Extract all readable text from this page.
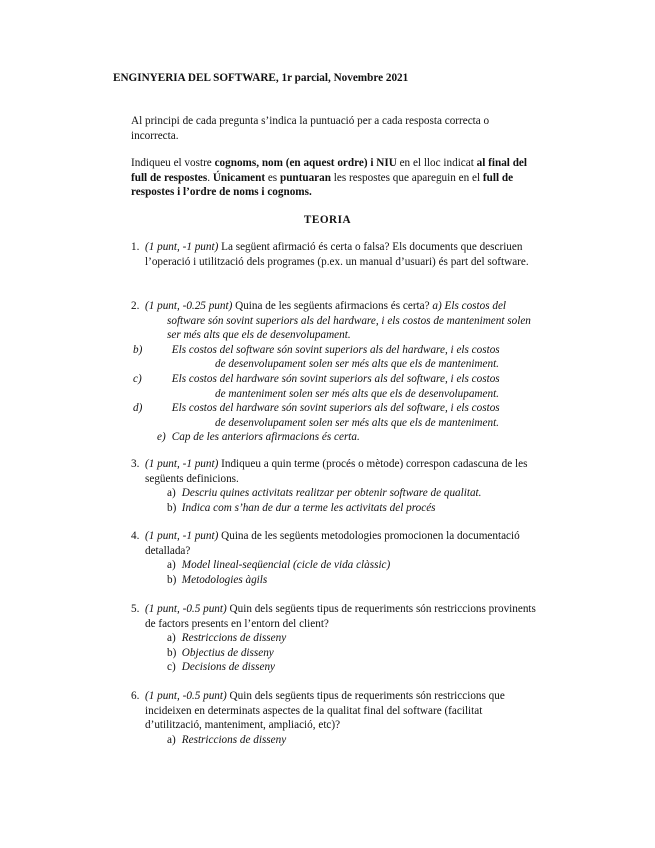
ENGINYERIA DEL SOFTWARE, 1r parcial, Novembre 2021

Al principi de cada pregunta s’indica la puntuació per a cada resposta correcta o incorrecta.

Indiqueu el vostre cognoms, nom (en aquest ordre) i NIU en el lloc indicat al final del full de respostes. Únicament es puntuaran les respostes que apareguin en el full de respostes i l’ordre de noms i cognoms.

TEORIA
1. (1 punt, -1 punt) La següent afirmació és certa o falsa? Els documents que descriuen l’operació i utilització dels programes (p.ex. un manual d’usuari) és part del software.
2. (1 punt, -0.25 punt) Quina de les següents afirmacions és certa? a) Els costos del software són sovint superiors als del hardware, i els costos de manteniment solen ser més alts que els de desenvolupament.
b)	Els costos del software són sovint superiors als del hardware, i els costos
de desenvolupament solen ser més alts que els de manteniment.
c)	Els costos del hardware són sovint superiors als del software, i els costos
de manteniment solen ser més alts que els de desenvolupament.
d)	Els costos del hardware són sovint superiors als del software, i els costos
de desenvolupament solen ser més alts que els de manteniment.
e) Cap de les anteriors afirmacions és certa.
3. (1 punt, -1 punt) Indiqueu a quin terme (procés o mètode) correspon cadascuna de les següents definicions.
a) Descriu quines activitats realitzar per obtenir software de qualitat.
b) Indica com s’han de dur a terme les activitats del procés
4. (1 punt, -1 punt) Quina de les següents metodologies promocionen la documentació detallada?
a) Model lineal-seqüencial (cicle de vida clàssic)
b) Metodologies àgils
5. (1 punt, -0.5 punt) Quin dels següents tipus de requeriments són restriccions provinents de factors presents en l’entorn del client?
a) Restriccions de disseny
b) Objectius de disseny
c) Decisions de disseny
6. (1 punt, -0.5 punt) Quin dels següents tipus de requeriments són restriccions que incideixen en determinats aspectes de la qualitat final del software (facilitat d’utilització, manteniment, ampliació, etc)?
a) Restriccions de disseny
